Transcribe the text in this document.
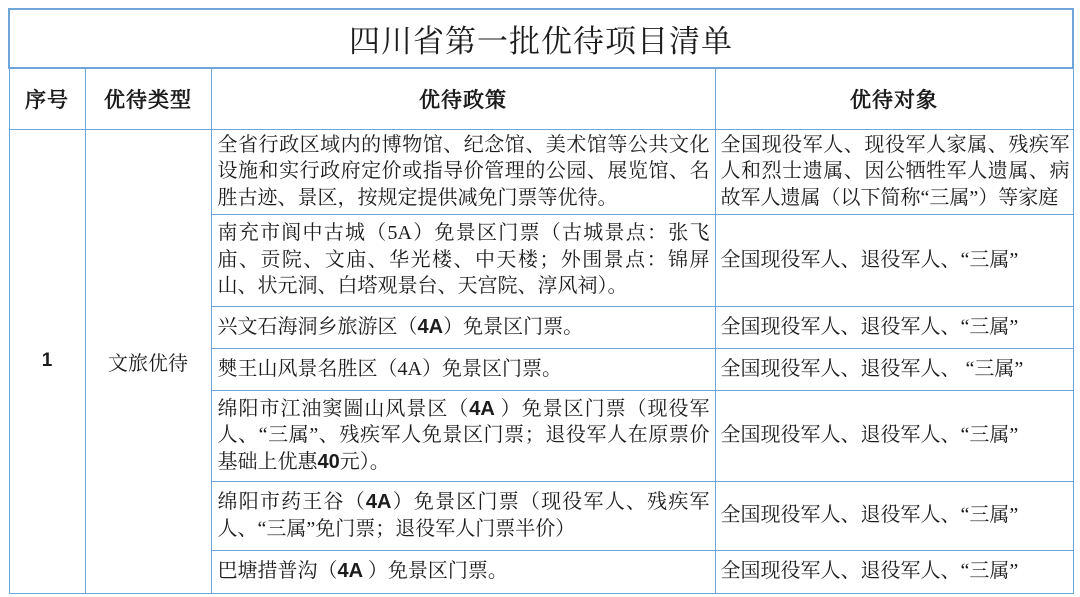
四川省第一批优待项目清单			
序号	优待类型	优待政策	优待对象
1	文旅优待	全省行政区域内的博物馆、纪念馆、美术馆等公共文化设施和实行政府定价或指导价管理的公园、展览馆、名胜古迹、景区，按规定提供减免门票等优待。	全国现役军人、现役军人家属、残疾军人和烈士遗属、因公牺牲军人遗属、病故军人遗属（以下简称“三属”）等家庭
		南充市阆中古城（5A）免景区门票（古城景点：张飞庙、贡院、文庙、华光楼、中天楼；外围景点：锦屏山、状元洞、白塔观景台、天宫院、淳风祠）。	全国现役军人、退役军人、“三属”
		兴文石海洞乡旅游区（4A）免景区门票。	全国现役军人、退役军人、“三属”
		僰王山风景名胜区（4A）免景区门票。	全国现役军人、退役军人、 “三属”
		绵阳市江油窦圌山风景区（4A ）免景区门票（现役军人、“三属”、残疾军人免景区门票；退役军人在原票价基础上优惠40元）。	全国现役军人、退役军人、“三属”
		绵阳市药王谷（4A）免景区门票（现役军人、残疾军人、“三属”免门票；退役军人门票半价）	全国现役军人、退役军人、“三属”
		巴塘措普沟（4A ）免景区门票。	全国现役军人、退役军人、“三属”
